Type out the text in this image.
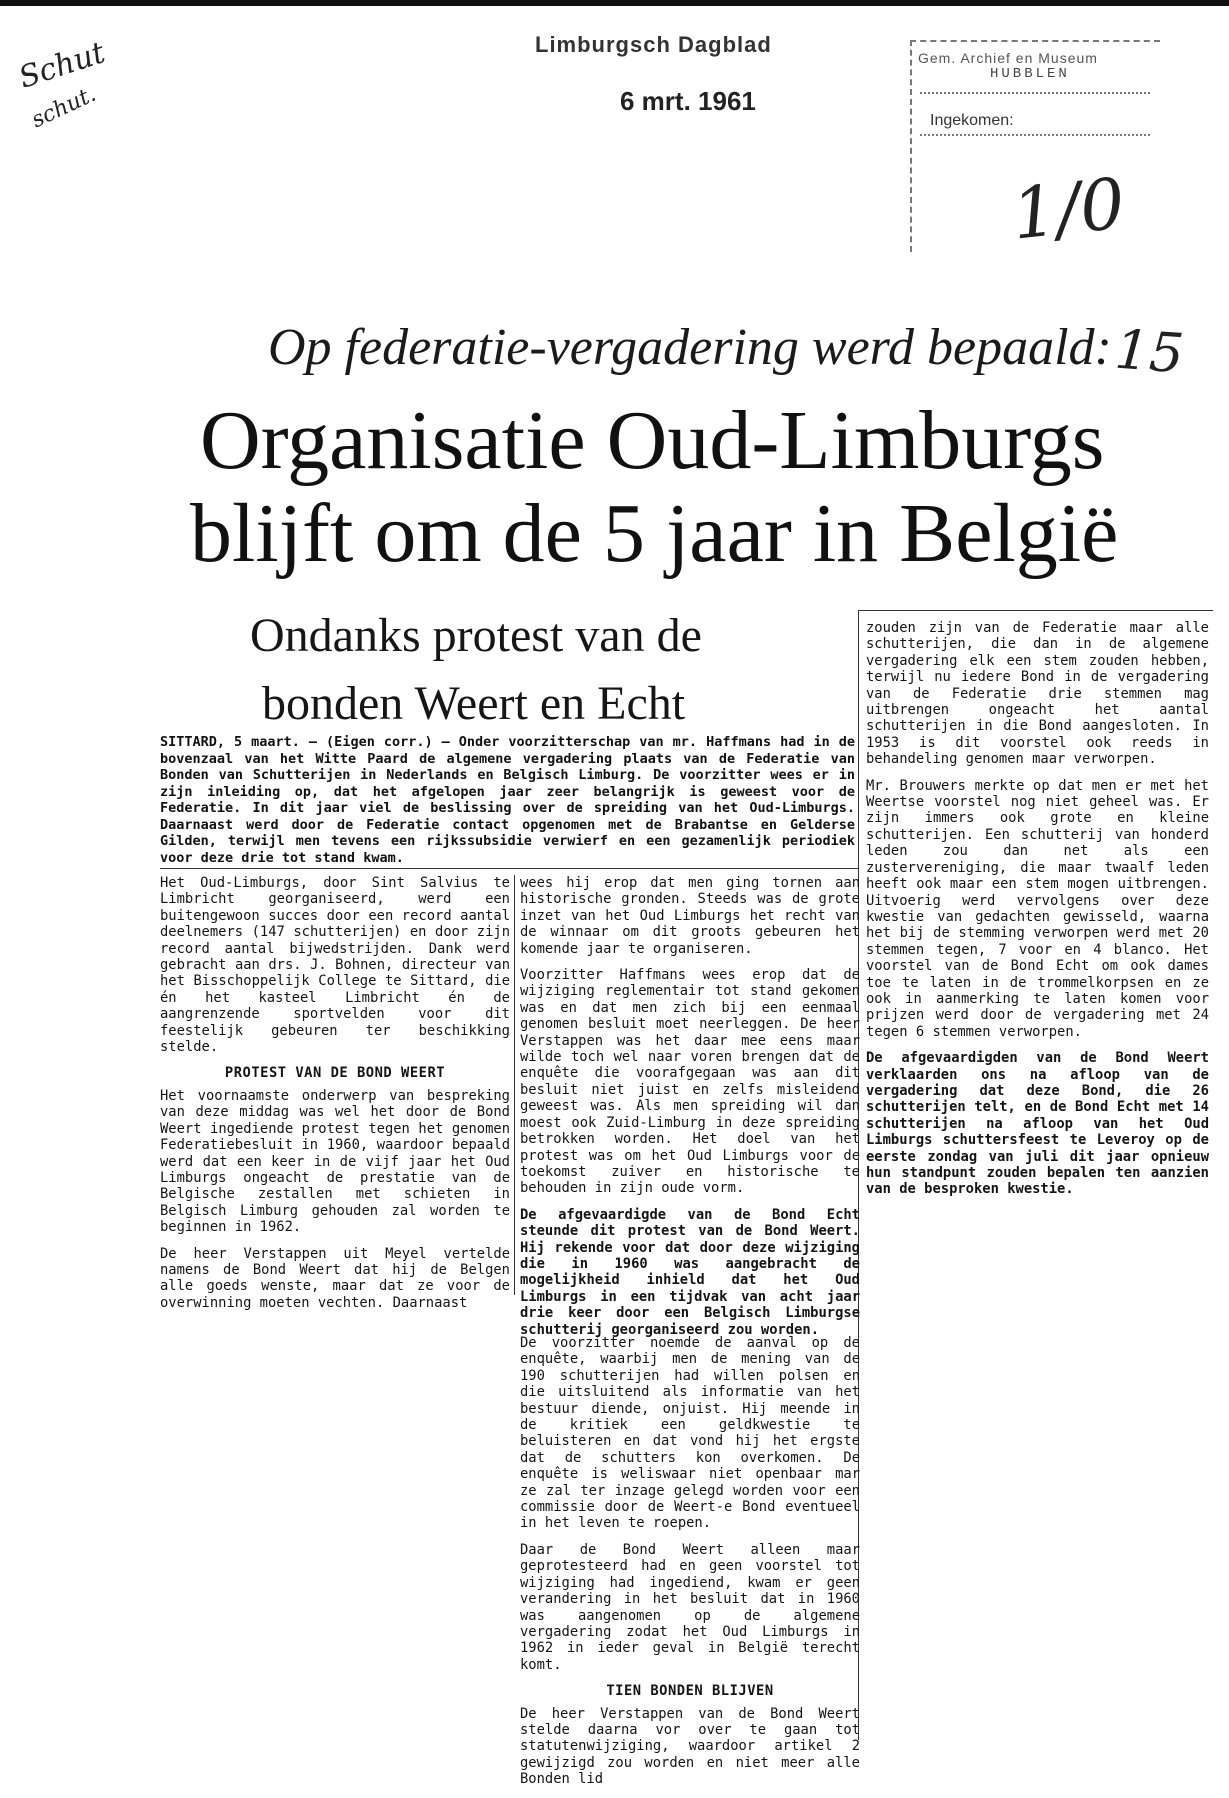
Limburgsch Dagblad
6 mrt. 1961
Schut
schut.
Gem. Archief en Museum
HUBBLEN
Ingekomen:
1/0
15
Op federatie-vergadering werd bepaald:
Organisatie Oud-Limburgs
blijft om de 5 jaar in België
Ondanks protest van de
bonden Weert en Echt
SITTARD, 5 maart. — (Eigen corr.) — Onder voorzitterschap van mr. Haffmans had in de bovenzaal van het Witte Paard de algemene vergadering plaats van de Federatie van Bonden van Schutterijen in Nederlands en Belgisch Limburg. De voorzitter wees er in zijn inleiding op, dat het afgelopen jaar zeer belangrijk is geweest voor de Federatie. In dit jaar viel de beslissing over de spreiding van het Oud-Limburgs. Daarnaast werd door de Federatie contact opgenomen met de Brabantse en Gelderse Gilden, terwijl men tevens een rijkssubsidie verwierf en een gezamenlijk periodiek voor deze drie tot stand kwam.

Het Oud-Limburgs, door Sint Salvius te Limbricht georganiseerd, werd een buitengewoon succes door een record aantal deelnemers (147 schutterijen) en door zijn record aantal bijwedstrijden. Dank werd gebracht aan drs. J. Bohnen, directeur van het Bisschoppelijk College te Sittard, die én het kasteel Limbricht én de aangrenzende sportvelden voor dit feestelijk gebeuren ter beschikking stelde.

PROTEST VAN DE BOND WEERT

Het voornaamste onderwerp van bespreking van deze middag was wel het door de Bond Weert ingediende protest tegen het genomen Federatiebesluit in 1960, waardoor bepaald werd dat een keer in de vijf jaar het Oud Limburgs ongeacht de prestatie van de Belgische zestallen met schieten in Belgisch Limburg gehouden zal worden te beginnen in 1962.

De heer Verstappen uit Meyel vertelde namens de Bond Weert dat hij de Belgen alle goeds wenste, maar dat ze voor de overwinning moeten vechten. Daarnaast

wees hij erop dat men ging tornen aan historische gronden. Steeds was de grote inzet van het Oud Limburgs het recht van de winnaar om dit groots gebeuren het komende jaar te organiseren.

Voorzitter Haffmans wees erop dat de wijziging reglementair tot stand gekomen was en dat men zich bij een eenmaal genomen besluit moet neerleggen. De heer Verstappen was het daar mee eens maar wilde toch wel naar voren brengen dat de enquête die voorafgegaan was aan dit besluit niet juist en zelfs misleidend geweest was. Als men spreiding wil dan moest ook Zuid-Limburg in deze spreiding betrokken worden. Het doel van het protest was om het Oud Limburgs voor de toekomst zuiver en historische te behouden in zijn oude vorm.

De afgevaardigde van de Bond Echt steunde dit protest van de Bond Weert. Hij rekende voor dat door deze wijziging die in 1960 was aangebracht de mogelijkheid inhield dat het Oud Limburgs in een tijdvak van acht jaar drie keer door een Belgisch Limburgse schutterij georganiseerd zou worden.

De voorzitter noemde de aanval op de enquête, waarbij men de mening van de 190 schutterijen had willen polsen en die uitsluitend als informatie van het bestuur diende, onjuist. Hij meende in de kritiek een geldkwestie te beluisteren en dat vond hij het ergste dat de schutters kon overkomen. De enquête is weliswaar niet openbaar mar ze zal ter inzage gelegd worden voor een commissie door de Weert-e Bond eventueel in het leven te roepen.

Daar de Bond Weert alleen maar geprotesteerd had en geen voorstel tot wijziging had ingediend, kwam er geen verandering in het besluit dat in 1960 was aangenomen op de algemene vergadering zodat het Oud Limburgs in 1962 in ieder geval in België terecht komt.

TIEN BONDEN BLIJVEN

De heer Verstappen van de Bond Weert stelde daarna vor over te gaan tot statutenwijziging, waardoor artikel 2 gewijzigd zou worden en niet meer alle Bonden lid

zouden zijn van de Federatie maar alle schutterijen, die dan in de algemene vergadering elk een stem zouden hebben, terwijl nu iedere Bond in de vergadering van de Federatie drie stemmen mag uitbrengen ongeacht het aantal schutterijen in die Bond aangesloten. In 1953 is dit voorstel ook reeds in behandeling genomen maar verworpen.

Mr. Brouwers merkte op dat men er met het Weertse voorstel nog niet geheel was. Er zijn immers ook grote en kleine schutterijen. Een schutterij van honderd leden zou dan net als een zustervereniging, die maar twaalf leden heeft ook maar een stem mogen uitbrengen. Uitvoerig werd vervolgens over deze kwestie van gedachten gewisseld, waarna het bij de stemming verworpen werd met 20 stemmen tegen, 7 voor en 4 blanco. Het voorstel van de Bond Echt om ook dames toe te laten in de trommelkorpsen en ze ook in aanmerking te laten komen voor prijzen werd door de vergadering met 24 tegen 6 stemmen verworpen.

De afgevaardigden van de Bond Weert verklaarden ons na afloop van de vergadering dat deze Bond, die 26 schutterijen telt, en de Bond Echt met 14 schutterijen na afloop van het Oud Limburgs schuttersfeest te Leveroy op de eerste zondag van juli dit jaar opnieuw hun standpunt zouden bepalen ten aanzien van de besproken kwestie.
